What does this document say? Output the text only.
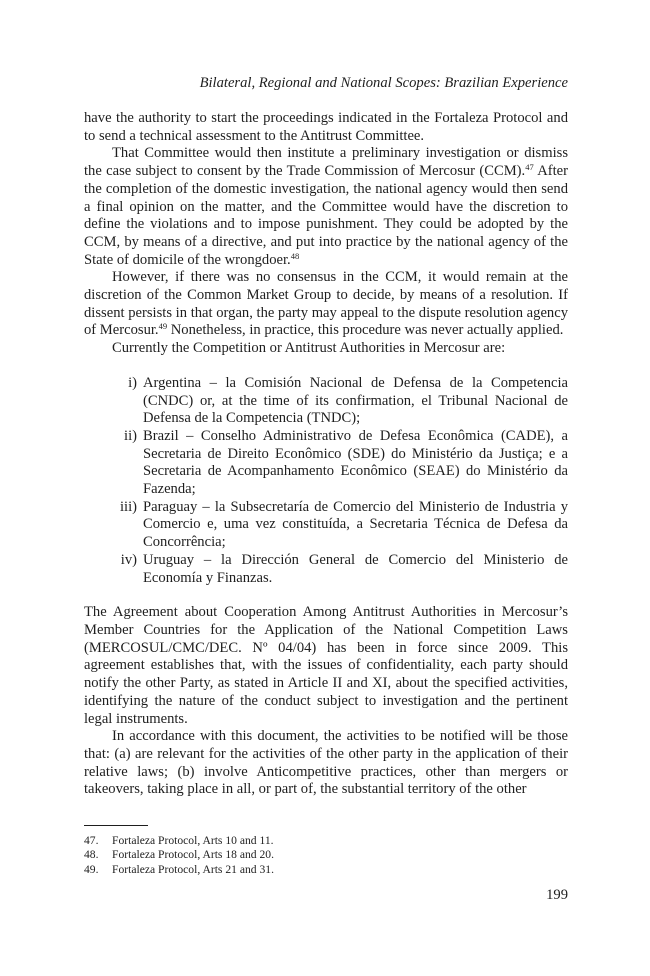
Bilateral, Regional and National Scopes: Brazilian Experience

have the authority to start the proceedings indicated in the Fortaleza Protocol and to send a technical assessment to the Antitrust Committee.

That Committee would then institute a preliminary investigation or dismiss the case subject to consent by the Trade Commission of Mercosur (CCM).$^{47}$ After the completion of the domestic investigation, the national agency would then send a final opinion on the matter, and the Committee would have the discretion to define the violations and to impose punishment. They could be adopted by the CCM, by means of a directive, and put into practice by the national agency of the State of domicile of the wrongdoer.$^{48}$

However, if there was no consensus in the CCM, it would remain at the discretion of the Common Market Group to decide, by means of a resolution. If dissent persists in that organ, the party may appeal to the dispute resolution agency of Mercosur.$^{49}$ Nonetheless, in practice, this procedure was never actually applied.

Currently the Competition or Antitrust Authorities in Mercosur are:

i) Argentina – la Comisión Nacional de Defensa de la Competencia (CNDC) or, at the time of its confirmation, el Tribunal Nacional de Defensa de la Competencia (TNDC);
ii) Brazil – Conselho Administrativo de Defesa Econômica (CADE), a Secretaria de Direito Econômico (SDE) do Ministério da Justiça; e a Secretaria de Acompanhamento Econômico (SEAE) do Ministério da Fazenda;
iii) Paraguay – la Subsecretaría de Comercio del Ministerio de Industria y Comercio e, uma vez constituída, a Secretaria Técnica de Defesa da Concorrência;
iv) Uruguay – la Dirección General de Comercio del Ministerio de Economía y Finanzas.

The Agreement about Cooperation Among Antitrust Authorities in Mercosur’s Member Countries for the Application of the National Competition Laws (MERCOSUL/CMC/DEC. Nº 04/04) has been in force since 2009. This agreement establishes that, with the issues of confidentiality, each party should notify the other Party, as stated in Article II and XI, about the specified activities, identifying the nature of the conduct subject to investigation and the pertinent legal instruments.

In accordance with this document, the activities to be notified will be those that: (a) are relevant for the activities of the other party in the application of their relative laws; (b) involve Anticompetitive practices, other than mergers or takeovers, taking place in all, or part of, the substantial territory of the other

47. Fortaleza Protocol, Arts 10 and 11.
48. Fortaleza Protocol, Arts 18 and 20.
49. Fortaleza Protocol, Arts 21 and 31.
199
